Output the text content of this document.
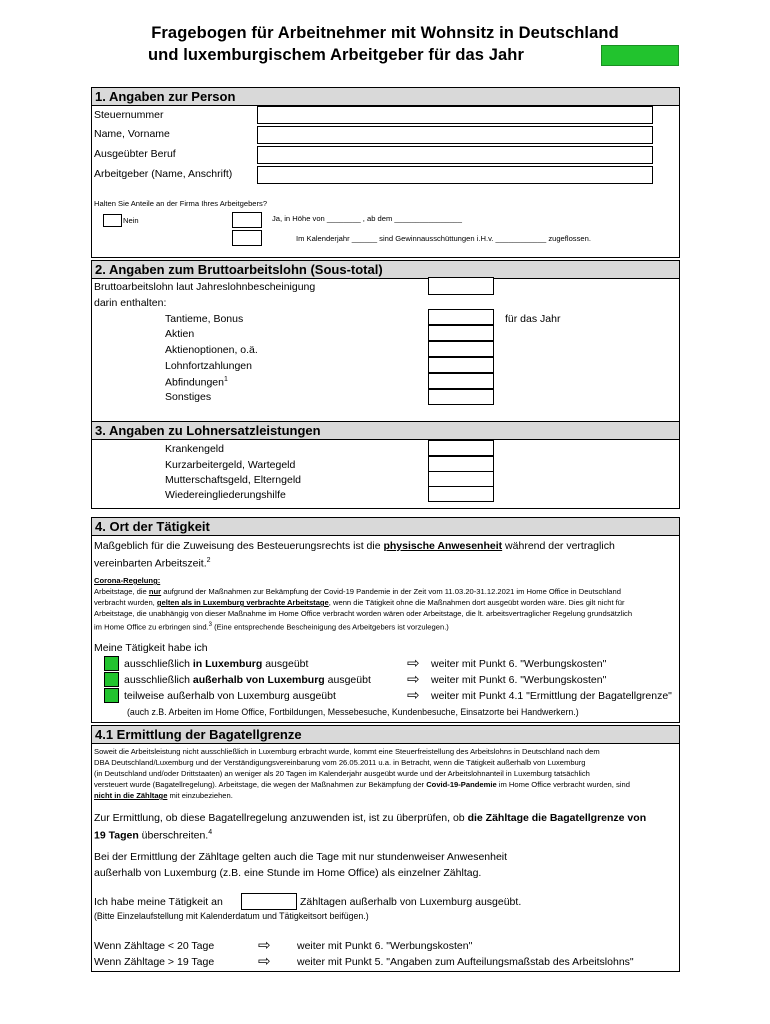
Fragebogen für Arbeitnehmer mit Wohnsitz in Deutschland
und luxemburgischem Arbeitgeber für das Jahr
1. Angaben zur Person
Steuernummer
Name, Vorname
Ausgeübter Beruf
Arbeitgeber (Name, Anschrift)
Halten Sie Anteile an der Firma Ihres Arbeitgebers?
Nein	Ja, in Höhe von ________ , ab dem ________________
Im Kalenderjahr ______ sind Gewinnausschüttungen i.H.v. ____________ zugeflossen.
2. Angaben zum Bruttoarbeitslohn (Sous-total)
Bruttoarbeitslohn laut Jahreslohnbescheinigung
darin enthalten:
Tantieme, Bonus
Aktien
Aktienoptionen, o.ä.
Lohnfortzahlungen
Abfindungen$^1$
Sonstiges
für das Jahr
3. Angaben zu Lohnersatzleistungen
Krankengeld
Kurzarbeitergeld, Wartegeld
Mutterschaftsgeld, Elterngeld
Wiedereingliederungshilfe
4. Ort der Tätigkeit
Maßgeblich für die Zuweisung des Besteuerungsrechts ist die physische Anwesenheit während der vertraglich
vereinbarten Arbeitszeit.$^2$
Corona-Regelung:
Arbeitstage, die nur aufgrund der Maßnahmen zur Bekämpfung der Covid-19 Pandemie in der Zeit vom 11.03.20-31.12.2021 im Home Office in Deutschland
verbracht wurden, gelten als in Luxemburg verbrachte Arbeitstage, wenn die Tätigkeit ohne die Maßnahmen dort ausgeübt worden wäre. Dies gilt nicht für
Arbeitstage, die unabhängig von dieser Maßnahme im Home Office verbracht worden wären oder Arbeitstage, die lt. arbeitsvertraglicher Regelung grundsätzlich
im Home Office zu erbringen sind.$^3$ (Eine entsprechende Bescheinigung des Arbeitgebers ist vorzulegen.)
Meine Tätigkeit habe ich
ausschließlich in Luxemburg ausgeübt
ausschließlich außerhalb von Luxemburg ausgeübt
teilweise außerhalb von Luxemburg ausgeübt
⇨
⇨
⇨
weiter mit Punkt 6. "Werbungskosten"
weiter mit Punkt 6. "Werbungskosten"
weiter mit Punkt 4.1 "Ermittlung der Bagatellgrenze"
(auch z.B. Arbeiten im Home Office, Fortbildungen, Messebesuche, Kundenbesuche, Einsatzorte bei Handwerkern.)
4.1 Ermittlung der Bagatellgrenze
Soweit die Arbeitsleistung nicht ausschließlich in Luxemburg erbracht wurde, kommt eine Steuerfreistellung des Arbeitslohns in Deutschland nach dem
DBA Deutschland/Luxemburg und der Verständigungsvereinbarung vom 26.05.2011 u.a. in Betracht, wenn die Tätigkeit außerhalb von Luxemburg
(in Deutschland und/oder Drittstaaten) an weniger als 20 Tagen im Kalenderjahr ausgeübt wurde und der Arbeitslohnanteil in Luxemburg tatsächlich
versteuert wurde (Bagatellregelung). Arbeitstage, die wegen der Maßnahmen zur Bekämpfung der Covid-19-Pandemie im Home Office verbracht wurden, sind
nicht in die Zähltage mit einzubeziehen.
Zur Ermittlung, ob diese Bagatellregelung anzuwenden ist, ist zu überprüfen, ob die Zähltage die Bagatellgrenze von
19 Tagen überschreiten.$^4$
Bei der Ermittlung der Zähltage gelten auch die Tage mit nur stundenweiser Anwesenheit
außerhalb von Luxemburg (z.B. eine Stunde im Home Office) als einzelner Zähltag.
Ich habe meine Tätigkeit an	Zähltagen außerhalb von Luxemburg ausgeübt.
(Bitte Einzelaufstellung mit Kalenderdatum und Tätigkeitsort beifügen.)
Wenn Zähltage < 20 Tage
Wenn Zähltage > 19 Tage
⇨
⇨
weiter mit Punkt 6. "Werbungskosten"
weiter mit Punkt 5. "Angaben zum Aufteilungsmaßstab des Arbeitslohns"
